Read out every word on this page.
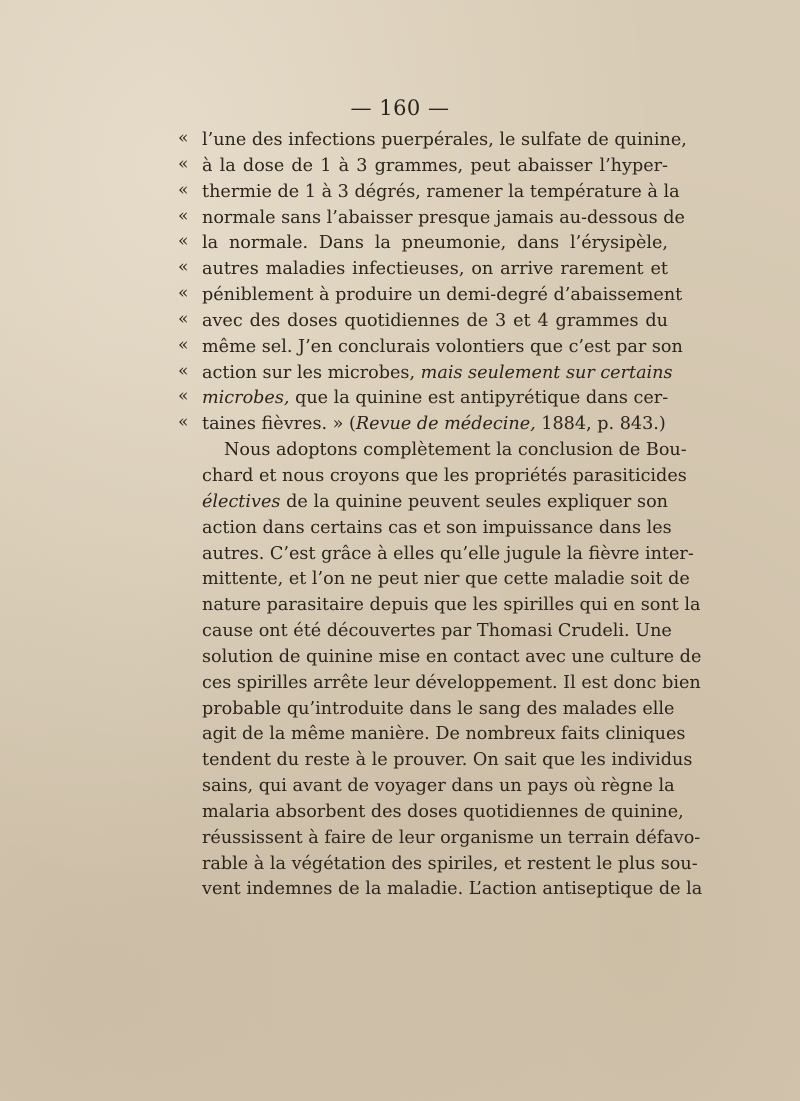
— 160 —
« l’une des infections puerpérales, le sulfate de quinine,
« à la dose de 1 à 3 grammes, peut abaisser l’hyper-
« thermie de 1 à 3 dégrés, ramener la température à la
« normale sans l’abaisser presque jamais au-dessous de
« la normale. Dans la pneumonie, dans l’érysipèle,
« autres maladies infectieuses, on arrive rarement et
« péniblement à produire un demi-degré d’abaissement
« avec des doses quotidiennes de 3 et 4 grammes du
« même sel. J’en conclurais volontiers que c’est par son
« action sur les microbes, mais seulement sur certains
« microbes, que la quinine est antipyrétique dans cer-
« taines fièvres. » (Revue de médecine, 1884, p. 843.)
Nous adoptons complètement la conclusion de Bou-
chard et nous croyons que les propriétés parasiticides
électives de la quinine peuvent seules expliquer son
action dans certains cas et son impuissance dans les
autres. C’est grâce à elles qu’elle jugule la fièvre inter-
mittente, et l’on ne peut nier que cette maladie soit de
nature parasitaire depuis que les spirilles qui en sont la
cause ont été découvertes par Thomasi Crudeli. Une
solution de quinine mise en contact avec une culture de
ces spirilles arrête leur développement. Il est donc bien
probable qu’introduite dans le sang des malades elle
agit de la même manière. De nombreux faits cliniques
tendent du reste à le prouver. On sait que les individus
sains, qui avant de voyager dans un pays où règne la
malaria absorbent des doses quotidiennes de quinine,
réussissent à faire de leur organisme un terrain défavo-
rable à la végétation des spiriles, et restent le plus sou-
vent indemnes de la maladie. L’action antiseptique de la
